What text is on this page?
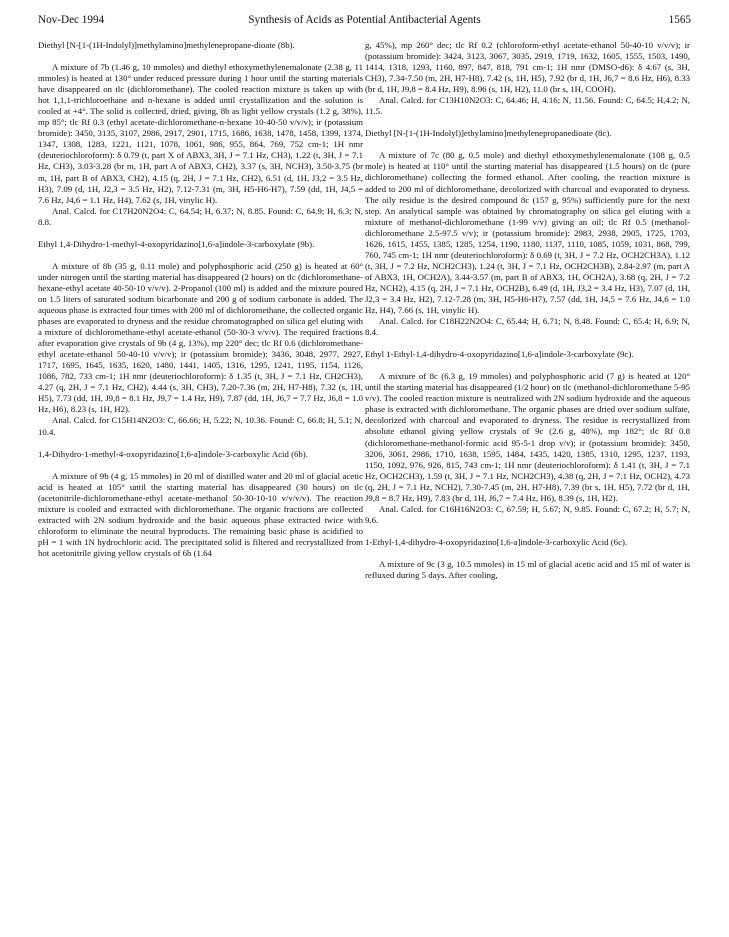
Nov-Dec 1994	Synthesis of Acids as Potential Antibacterial Agents	1565
Diethyl [N-[1-(1H-Indolyl)]methylamino]methylenepropane-dioate (8b).
A mixture of 7b (1.46 g, 10 mmoles) and diethyl ethoxymethylenemalonate (2.38 g, 11 mmoles) is heated at 130° under reduced pressure during 1 hour until the starting materials have disappeared on tlc (dichloromethane). The cooled reaction mixture is taken up with hot 1,1,1-trichloroethane and n-hexane is added until crystallization and the solution is cooled at +4°. The solid is collected, dried, giving, 8b as light yellow crystals (1.2 g, 38%), mp 85°; tlc Rf 0.3 (ethyl acetate-dichloromethane-n-hexane 10-40-50 v/v/v); ir (potassium bromide): 3450, 3135, 3107, 2986, 2917, 2901, 1715, 1686, 1638, 1478, 1458, 1399, 1374, 1347, 1308, 1283, 1221, 1121, 1078, 1061, 986, 955, 864, 769, 752 cm-1; 1H nmr (deuteriochloroform): δ 0.79 (t, part X of ABX3, 3H, J = 7.1 Hz, CH3), 1.22 (t, 3H, J = 7.1 Hz, CH3), 3.03-3.28 (br m, 1H, part A of ABX3, CH2), 3.37 (s, 3H, NCH3), 3.50-3.75 (br m, 1H, part B of ABX3, CH2), 4.15 (q, 2H, J = 7.1 Hz, CH2), 6.51 (d, 1H, J3,2 = 3.5 Hz, H3), 7.09 (d, 1H, J2,3 = 3.5 Hz, H2), 7.12-7.31 (m, 3H, H5-H6-H7), 7.59 (dd, 1H, J4,5 = 7.6 Hz, J4,6 = 1.1 Hz, H4), 7.62 (s, 1H, vinylic H).
Anal. Calcd. for C17H20N2O4: C, 64.54; H, 6.37; N, 8.85. Found: C, 64.9; H, 6.3; N, 8.8.
Ethyl 1,4-Dihydro-1-methyl-4-oxopyridazino[1,6-a]indole-3-carboxylate (9b).
A mixture of 8b (35 g, 0.11 mole) and polyphosphoric acid (250 g) is heated at 60° under nitrogen until the starting material has disappeared (2 hours) on tlc (dichloromethane-hexane-ethyl acetate 40-50-10 v/v/v). 2-Propanol (100 ml) is added and the mixture poured on 1.5 liters of saturated sodium bicarbonate and 200 g of sodium carbonate is added. The aqueous phase is extracted four times with 200 ml of dichloromethane, the collected organic phases are evaporated to dryness and the residue chromatographed on silica gel eluting with a mixture of dichloromethane-ethyl acetate-ethanol (50-30-3 v/v/v). The required fractions after evaporation give crystals of 9b (4 g, 13%), mp 220° dec; tlc Rf 0.6 (dichloromethane-ethyl acetate-ethanol 50-40-10 v/v/v); ir (potassium bromide): 3436, 3048, 2977, 2927, 1717, 1695, 1645, 1635, 1620, 1480, 1441, 1405, 1316, 1295, 1241, 1195, 1154, 1126, 1086, 782, 733 cm-1; 1H nmr (deuteriochloroform): δ 1.35 (t, 3H, J = 7.1 Hz, CH2CH3), 4.27 (q, 2H, J = 7.1 Hz, CH2), 4.44 (s, 3H, CH3), 7.20-7.36 (m, 2H, H7-H8), 7.32 (s, 1H, H5), 7.73 (dd, 1H, J9,8 = 8.1 Hz, J9,7 = 1.4 Hz, H9), 7.87 (dd, 1H, J6,7 = 7.7 Hz, J6,8 = 1.0 Hz, H6), 8.23 (s, 1H, H2).
Anal. Calcd. for C15H14N2O3: C, 66.66; H, 5.22; N, 10.36. Found: C, 66.8; H, 5.1; N, 10.4.
1,4-Dihydro-1-methyl-4-oxopyridazino[1,6-a]indole-3-carboxylic Acid (6b).
A mixture of 9b (4 g, 15 mmoles) in 20 ml of distilled water and 20 ml of glacial acetic acid is heated at 105° until the starting material has disappeared (30 hours) on tlc (acetonitrile-dichloromethane-ethyl acetate-methanol 50-30-10-10 v/v/v/v). The reaction mixture is cooled and extracted with dichloromethane. The organic fractions are collected extracted with 2N sodium hydroxide and the basic aqueous phase extracted twice with chloroform to eliminate the neutral byproducts. The remaining basic phase is acidified to pH = 1 with 1N hydrochloric acid. The precipitated solid is filtered and recrystallized from hot acetonitrile giving yellow crystals of 6b (1.64
g, 45%), mp 260° dec; tlc Rf 0.2 (chloroform-ethyl acetate-ethanol 50-40-10 v/v/v); ir (potassium bromide): 3424, 3123, 3067, 3035, 2919, 1719, 1632, 1605, 1555, 1503, 1490, 1414, 1318, 1293, 1160, 897, 847, 818, 791 cm-1; 1H nmr (DMSO-d6): δ 4.67 (s, 3H, CH3), 7.34-7.50 (m, 2H, H7-H8), 7.42 (s, 1H, H5), 7.92 (br d, 1H, J6,7 = 8.6 Hz, H6), 8.33 (br d, 1H, J9,8 = 8.4 Hz, H9), 8.96 (s, 1H, H2), 11.0 (br s, 1H, COOH).
Anal. Calcd. for C13H10N2O3: C, 64.46; H, 4.16; N, 11.56. Found: C, 64.5; H,4.2; N, 11.5.
Diethyl [N-[1-(1H-Indolyl)]ethylamino]methylenepropanedioate (8c).
A mixture of 7c (80 g, 0.5 mole) and diethyl ethoxymethylenemalonate (108 g, 0.5 mole) is heated at 110° until the starting material has disappeared (1.5 hours) on tlc (pure dichloromethane) collecting the formed ethanol. After cooling, the reaction mixture is added to 200 ml of dichloromethane, decolorized with charcoal and evaporated to dryness. The oily residue is the desired compound 8c (157 g, 95%) sufficiently pure for the next step. An analytical sample was obtained by chromatography on silica gel eluting with a mixture of methanol-dichloromethane (1-99 v/v) giving an oil; tlc Rf 0.5 (methanol-dichloromethane 2.5-97.5 v/v); ir (potassium bromide): 2983, 2938, 2905, 1725, 1703, 1626, 1615, 1455, 1385, 1285, 1254, 1190, 1180, 1137, 1110, 1085, 1059, 1031, 868, 799, 760, 745 cm-1; 1H nmr (deuteriochloroform): δ 0.69 (t, 3H, J = 7.2 Hz, OCH2CH3A), 1.12 (t, 3H, J = 7.2 Hz, NCH2CH3), 1.24 (t, 3H, J = 7.1 Hz, OCH2CH3B), 2.84-2.97 (m, part A of ABX3, 1H, OCH2A), 3.44-3.57 (m, part B of ABX3, 1H, OCH2A), 3.68 (q, 2H, J = 7.2 Hz, NCH2), 4.15 (q, 2H, J = 7.1 Hz, OCH2B), 6.49 (d, 1H, J3,2 = 3.4 Hz, H3), 7.07 (d, 1H, J2,3 = 3.4 Hz, H2), 7.12-7.28 (m, 3H, H5-H6-H7), 7.57 (dd, 1H, J4,5 = 7.6 Hz, J4,6 = 1.0 Hz, H4), 7.66 (s, 1H, vinylic H).
Anal. Calcd. for C18H22N2O4: C, 65.44; H, 6.71; N, 8.48. Found: C, 65.4; H, 6.9; N, 8.4.
Ethyl 1-Ethyl-1,4-dihydro-4-oxopyridazino[1,6-a]indole-3-carboxylate (9c).
A mixture of 8c (6.3 g, 19 mmoles) and polyphosphoric acid (7 g) is heated at 120° until the starting material has disappeared (1/2 hour) on tlc (methanol-dichloromethane 5-95 v/v). The cooled reaction mixture is neutralized with 2N sodium hydroxide and the aqueous phase is extracted with dichloromethane. The organic phases are dried over sodium sulfate, decolorized with charcoal and evaporated to dryness. The residue is recrystallized from absolute ethanol giving yellow crystals of 9c (2.6 g, 48%), mp 182°; tlc Rf 0.8 (dichloromethane-methanol-formic acid 95-5-1 drop v/v); ir (potassium bromide): 3450, 3206, 3061, 2986, 1710, 1638, 1595, 1484, 1435, 1420, 1385, 1310, 1295, 1237, 1193, 1150, 1092, 976, 926, 815, 743 cm-1; 1H nmr (deuteriochloroform): δ 1.41 (t, 3H, J = 7.1 Hz, OCH2CH3), 1.59 (t, 3H, J = 7.1 Hz, NCH2CH3), 4.38 (q, 2H, J = 7.1 Hz, OCH2), 4.73 (q, 2H, J = 7.1 Hz, NCH2), 7.30-7.45 (m, 2H, H7-H8), 7.39 (br s, 1H, H5), 7.72 (br d, 1H, J9,8 = 8.7 Hz, H9), 7.83 (br d, 1H, J6,7 = 7.4 Hz, H6), 8.39 (s, 1H, H2).
Anal. Calcd. for C16H16N2O3: C, 67.59; H, 5.67; N, 9.85. Found: C, 67.2; H, 5.7; N, 9.6.
1-Ethyl-1,4-dihydro-4-oxopyridazino[1,6-a]indole-3-carboxylic Acid (6c).
A mixture of 9c (3 g, 10.5 mmoles) in 15 ml of glacial acetic acid and 15 ml of water is refluxed during 5 days. After cooling,
